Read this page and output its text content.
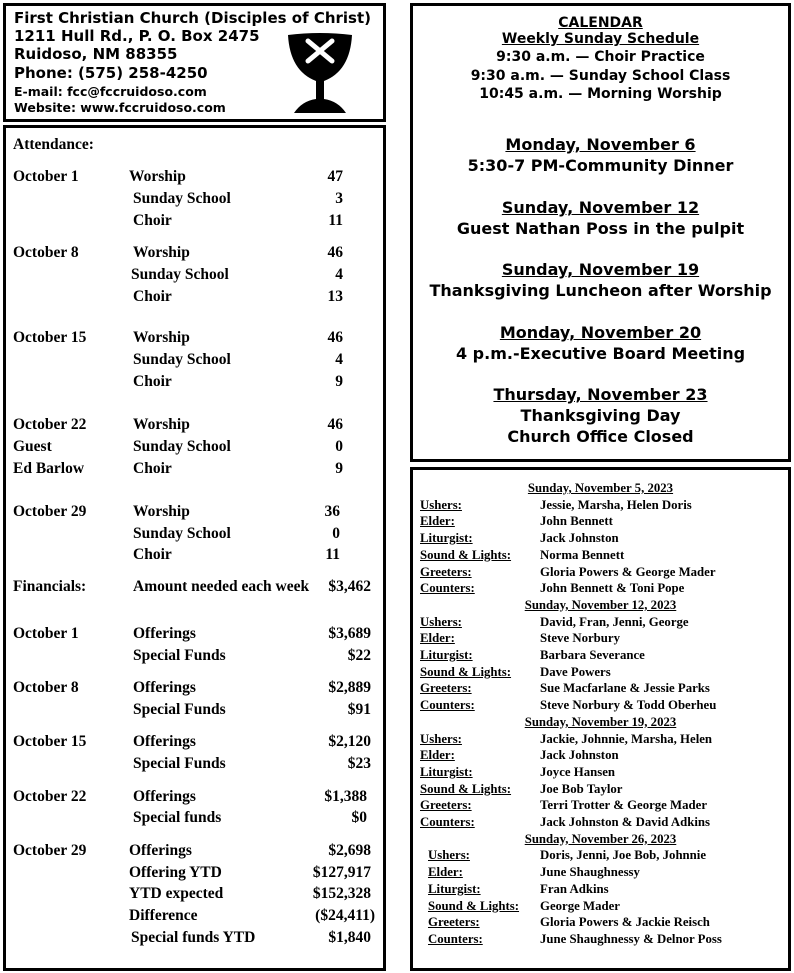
First Christian Church (Disciples of Christ)
1211 Hull Rd., P. O. Box 2475
Ruidoso, NM 88355
Phone: (575) 258-4250
E-mail: fcc@fccruidoso.com
Website: www.fccruidoso.com
CALENDAR
Weekly Sunday Schedule
9:30 a.m. — Choir Practice
9:30 a.m. — Sunday School Class
10:45 a.m. — Morning Worship
Monday, November 6
5:30-7 PM-Community Dinner
Sunday, November 12
Guest Nathan Poss in the pulpit
Sunday, November 19
Thanksgiving Luncheon after Worship
Monday, November 20
4 p.m.-Executive Board Meeting
Thursday, November 23
Thanksgiving Day
Church Office Closed
Attendance:
Financials:	Amount needed each week $3,462
October 1	Worship	47
Sunday School	3
Choir	11
October 8	Worship	46
Sunday School	4
Choir	13
October 15	Worship	46
Sunday School	4
Choir	9
October 22	Worship	46
Guest	Sunday School	0
Ed Barlow	Choir	9
October 29	Worship	36
Sunday School	0
Choir	11
October 1	Offerings	$3,689
Special Funds	$22
October 8	Offerings	$2,889
Special Funds	$91
October 15	Offerings	$2,120
Special Funds	$23
October 22	Offerings	$1,388
Special funds	$0
October 29	Offerings	$2,698
Offering YTD	$127,917
YTD expected	$152,328
Difference	($24,411)
Special funds YTD	$1,840
Sunday, November 5, 2023
Ushers:	Jessie, Marsha, Helen Doris
Elder:	John Bennett
Liturgist:	Jack Johnston
Sound & Lights: Norma Bennett
Greeters:	Gloria Powers & George Mader
Counters:	John Bennett & Toni Pope
Sunday, November 12, 2023
Ushers:	David, Fran, Jenni, George
Elder:	Steve Norbury
Liturgist:	Barbara Severance
Sound & Lights: Dave Powers
Greeters:	Sue Macfarlane & Jessie Parks
Counters:	Steve Norbury & Todd Oberheu
Sunday, November 19, 2023
Ushers:	Jackie, Johnnie, Marsha, Helen
Elder:	Jack Johnston
Liturgist:	Joyce Hansen
Sound & Lights: Joe Bob Taylor
Greeters:	Terri Trotter & George Mader
Counters:	Jack Johnston & David Adkins
Sunday, November 26, 2023
Ushers:	Doris, Jenni, Joe Bob, Johnnie
Elder:	June Shaughnessy
Liturgist:	Fran Adkins
Sound & Lights: George Mader
Greeters:	Gloria Powers & Jackie Reisch
Counters:	June Shaughnessy & Delnor Poss
